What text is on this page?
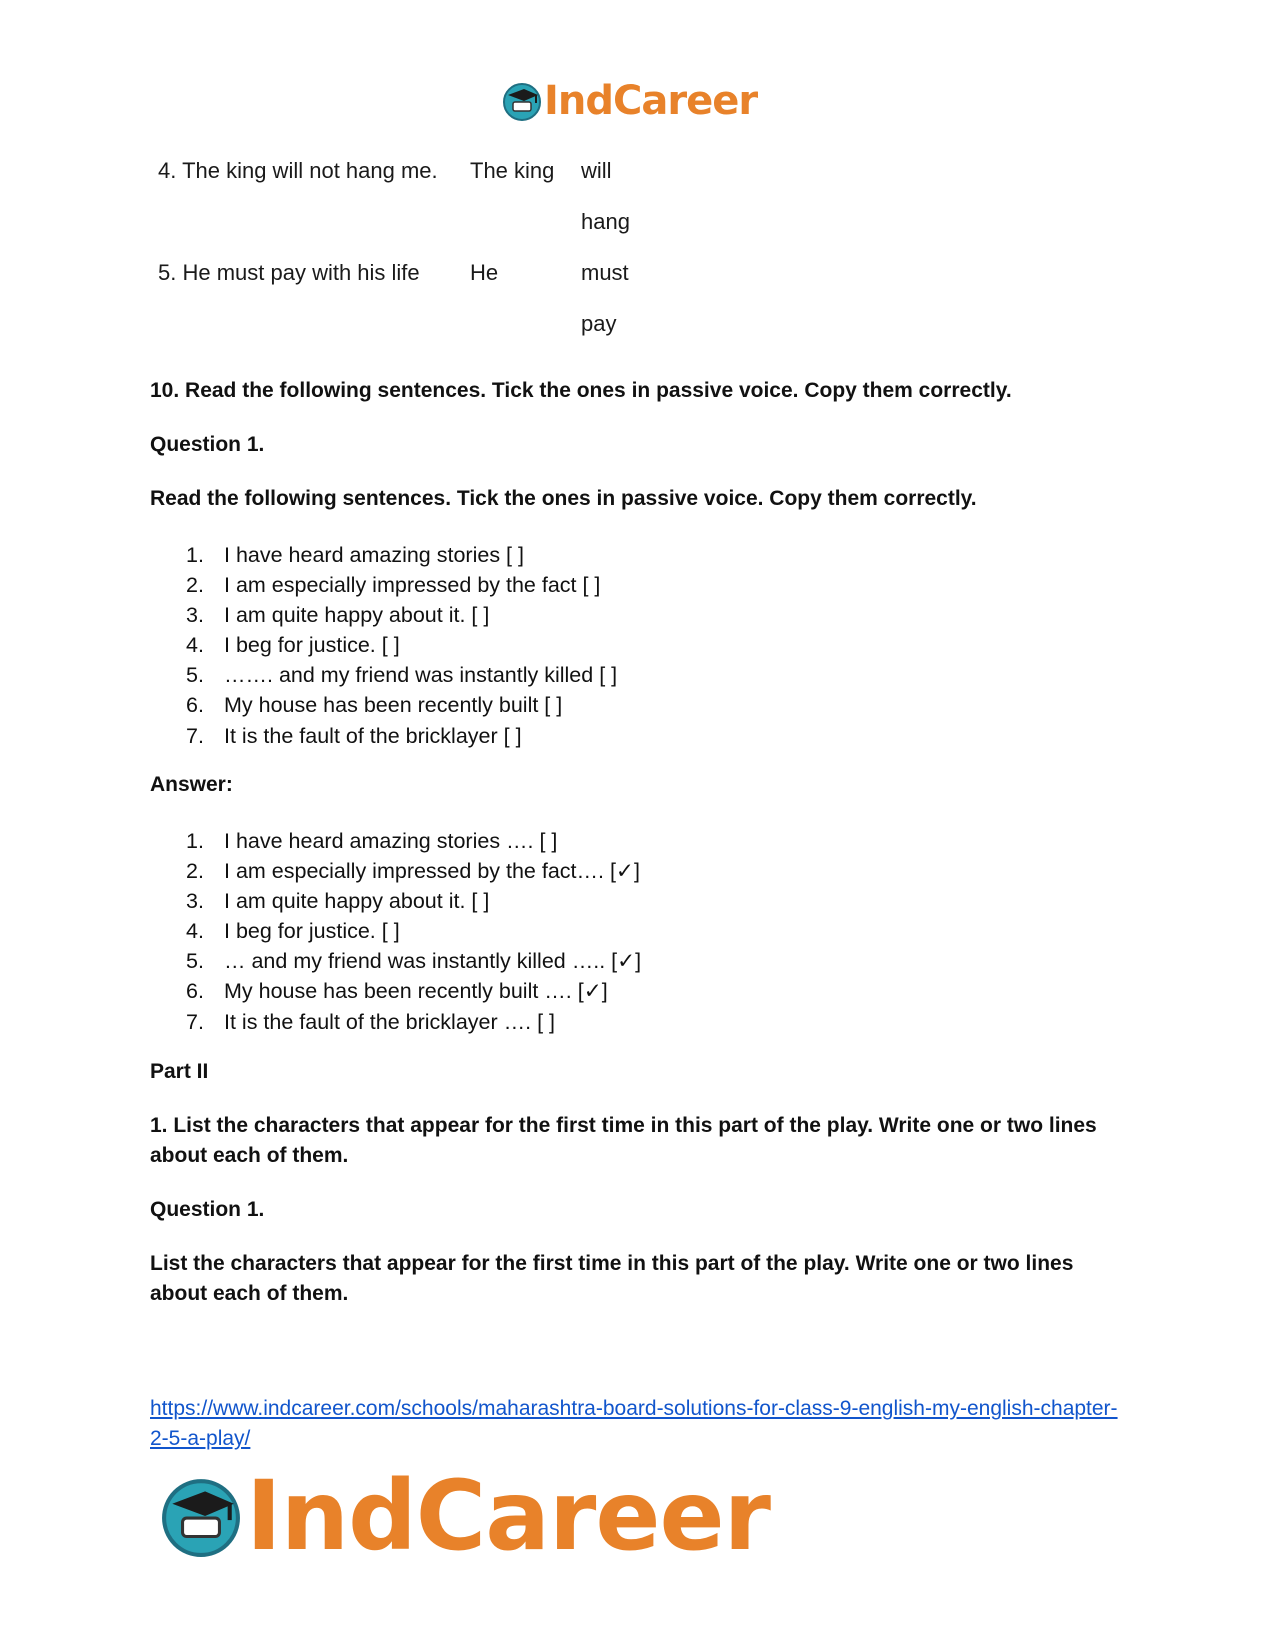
IndCareer
4. The king will not hang me. The king will
hang
5. He must pay with his life He	must
pay
10. Read the following sentences. Tick the ones in passive voice. Copy them correctly.
Question 1.
Read the following sentences. Tick the ones in passive voice. Copy them correctly.
1. I have heard amazing stories [ ]
2. I am especially impressed by the fact [ ]
3. I am quite happy about it. [ ]
4. I beg for justice. [ ]
5. ……. and my friend was instantly killed [ ]
6. My house has been recently built [ ]
7. It is the fault of the bricklayer [ ]
Answer:
1. I have heard amazing stories …. [ ]
2. I am especially impressed by the fact…. [✓]
3. I am quite happy about it. [ ]
4. I beg for justice. [ ]
5. … and my friend was instantly killed ….. [✓]
6. My house has been recently built …. [✓]
7. It is the fault of the bricklayer …. [ ]
Part II
1. List the characters that appear for the first time in this part of the play. Write one or two lines about each of them.
Question 1.
List the characters that appear for the first time in this part of the play. Write one or two lines about each of them.
https://www.indcareer.com/schools/maharashtra-board-solutions-for-class-9-english-my-english-chapter-2-5-a-play/
IndCareer
